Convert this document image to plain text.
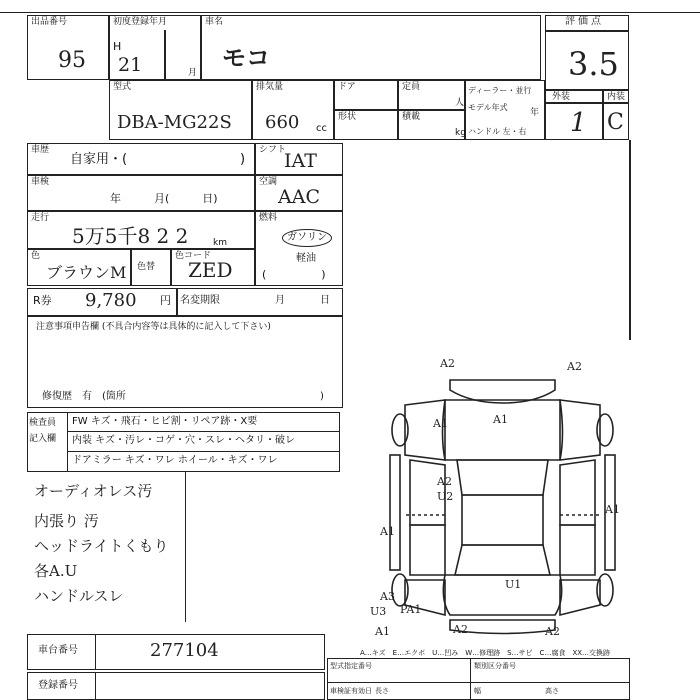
出品番号
95
初度登録年月
H
21	月
車名
モコ
評価点
3.5
外装	内装
1 C
型式
DBA-MG22S
排気量
660 cc
ドア
形状
定員
人
積載
kg
ディーラー・並行
モデル年式
年
ハンドル 左・右
車歴
自家用・(	)
シフト
IAT
車検
年　　　月(　　　日)
空調
AAC
走行
5万5千8 2 2	km
燃料
ガソリン
軽油
(　　　　　)
色
ブラウンM 色替
色コード
ZED
R券 9,780 円 名変期限	月	日
注意事項申告欄 (不具合内容等は具体的に記入して下さい)
修復歴　有　(箇所	)
検査員
記入欄
FW キズ・飛石・ヒビ割・リペア跡・X要
内装 キズ・汚レ・コゲ・穴・スレ・ヘタリ・破レ
ドアミラー キズ・ワレ ホイール・キズ・ワレ
オーディオレス汚
内張り 汚
ヘッドライトくもり
各A.U
ハンドルスレ
A2	A2
A1	A1
A1
A2
U2
A1
A1
U1
A3
U3 PA1
A2	A2
車台番号	277104
登録番号
A…キズ　E…エクボ　U…凹み　W…修理跡　S…サビ　C…腐食　XX…交換跡
型式指定番号	類別区分番号
車検証有効日 長さ	幅	高さ
